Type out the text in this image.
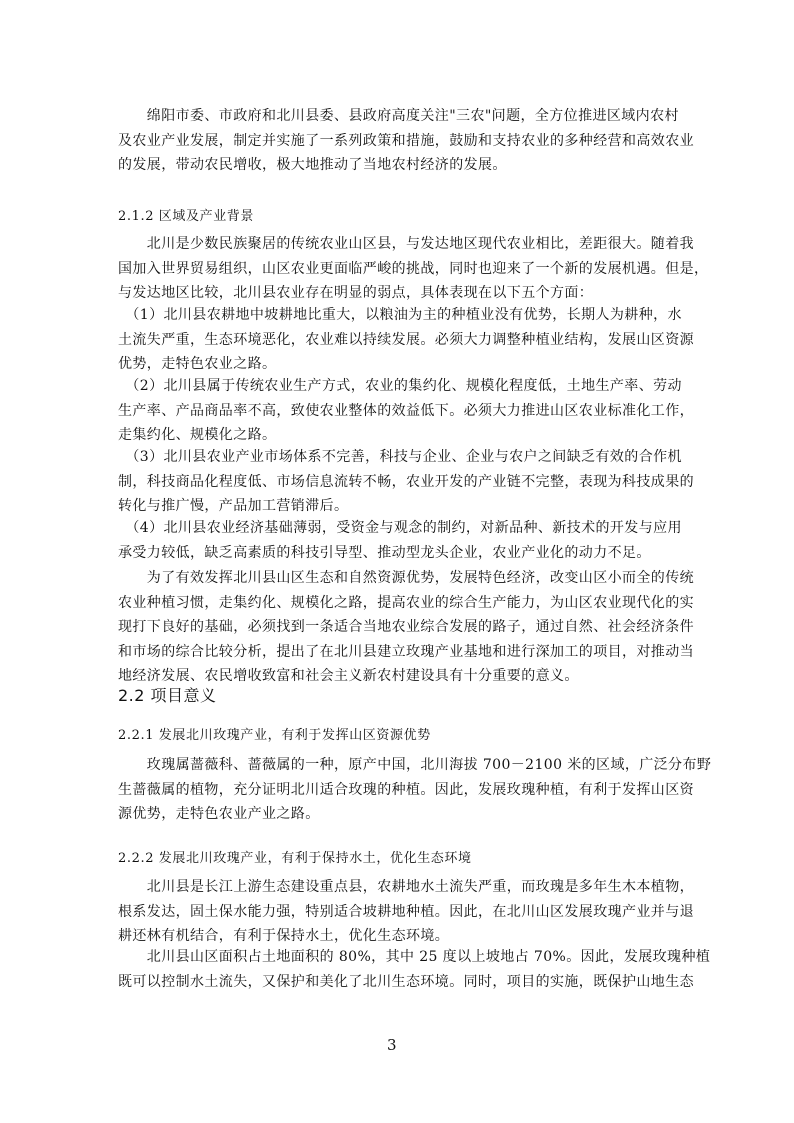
　　绵阳市委、市政府和北川县委、县政府高度关注"三农"问题，全方位推进区域内农村
及农业产业发展，制定并实施了一系列政策和措施，鼓励和支持农业的多种经营和高效农业
的发展，带动农民增收，极大地推动了当地农村经济的发展。
2.1.2 区域及产业背景
　　北川是少数民族聚居的传统农业山区县，与发达地区现代农业相比，差距很大。随着我
国加入世界贸易组织，山区农业更面临严峻的挑战，同时也迎来了一个新的发展机遇。但是，
与发达地区比较，北川县农业存在明显的弱点，具体表现在以下五个方面：
　（1）北川县农耕地中坡耕地比重大，以粮油为主的种植业没有优势，长期人为耕种，水
土流失严重，生态环境恶化，农业难以持续发展。必须大力调整种植业结构，发展山区资源
优势，走特色农业之路。
　（2）北川县属于传统农业生产方式，农业的集约化、规模化程度低，土地生产率、劳动
生产率、产品商品率不高，致使农业整体的效益低下。必须大力推进山区农业标准化工作，
走集约化、规模化之路。
　（3）北川县农业产业市场体系不完善，科技与企业、企业与农户之间缺乏有效的合作机
制，科技商品化程度低、市场信息流转不畅，农业开发的产业链不完整，表现为科技成果的
转化与推广慢，产品加工营销滞后。
　（4）北川县农业经济基础薄弱，受资金与观念的制约，对新品种、新技术的开发与应用
承受力较低，缺乏高素质的科技引导型、推动型龙头企业，农业产业化的动力不足。
　　为了有效发挥北川县山区生态和自然资源优势，发展特色经济，改变山区小而全的传统
农业种植习惯，走集约化、规模化之路，提高农业的综合生产能力，为山区农业现代化的实
现打下良好的基础，必须找到一条适合当地农业综合发展的路子，通过自然、社会经济条件
和市场的综合比较分析，提出了在北川县建立玫瑰产业基地和进行深加工的项目，对推动当
地经济发展、农民增收致富和社会主义新农村建设具有十分重要的意义。
2.2 项目意义
2.2.1 发展北川玫瑰产业，有利于发挥山区资源优势
　　玫瑰属蔷薇科、蔷薇属的一种，原产中国，北川海拔 700－2100 米的区域，广泛分布野
生蔷薇属的植物，充分证明北川适合玫瑰的种植。因此，发展玫瑰种植，有利于发挥山区资
源优势，走特色农业产业之路。
2.2.2 发展北川玫瑰产业，有利于保持水土，优化生态环境
　　北川县是长江上游生态建设重点县，农耕地水土流失严重，而玫瑰是多年生木本植物，
根系发达，固土保水能力强，特别适合坡耕地种植。因此，在北川山区发展玫瑰产业并与退
耕还林有机结合，有利于保持水土，优化生态环境。
　　北川县山区面积占土地面积的 80%，其中 25 度以上坡地占 70%。因此，发展玫瑰种植
既可以控制水土流失，又保护和美化了北川生态环境。同时，项目的实施，既保护山地生态
3
